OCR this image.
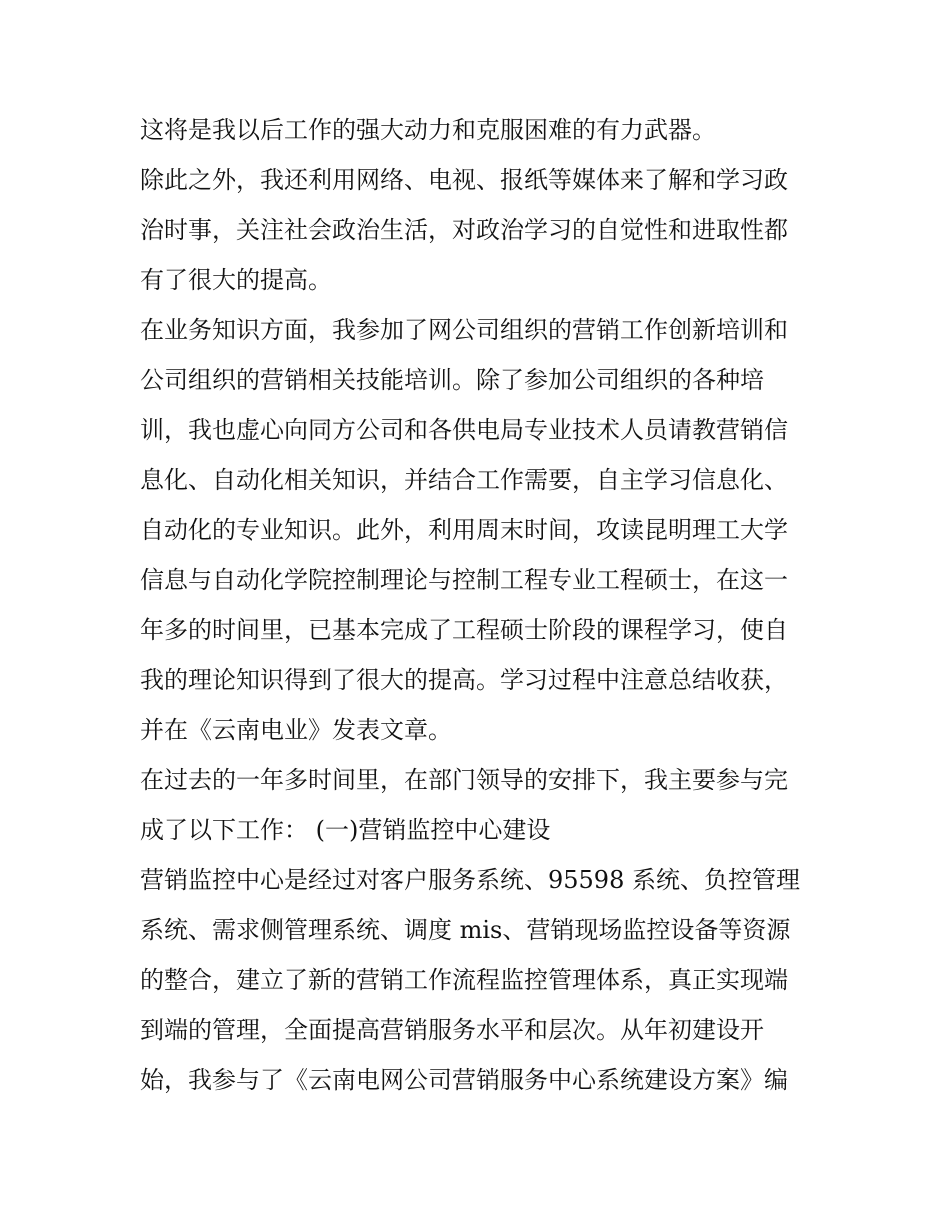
这将是我以后工作的强大动力和克服困难的有力武器。
除此之外，我还利用网络、电视、报纸等媒体来了解和学习政
治时事，关注社会政治生活，对政治学习的自觉性和进取性都
有了很大的提高。
在业务知识方面，我参加了网公司组织的营销工作创新培训和
公司组织的营销相关技能培训。除了参加公司组织的各种培
训，我也虚心向同方公司和各供电局专业技术人员请教营销信
息化、自动化相关知识，并结合工作需要，自主学习信息化、
自动化的专业知识。此外，利用周末时间，攻读昆明理工大学
信息与自动化学院控制理论与控制工程专业工程硕士，在这一
年多的时间里，已基本完成了工程硕士阶段的课程学习，使自
我的理论知识得到了很大的提高。学习过程中注意总结收获，
并在《云南电业》发表文章。
在过去的一年多时间里，在部门领导的安排下，我主要参与完
成了以下工作： (一)营销监控中心建设
营销监控中心是经过对客户服务系统、95598 系统、负控管理
系统、需求侧管理系统、调度 mis、营销现场监控设备等资源
的整合，建立了新的营销工作流程监控管理体系，真正实现端
到端的管理，全面提高营销服务水平和层次。从年初建设开
始，我参与了《云南电网公司营销服务中心系统建设方案》编
